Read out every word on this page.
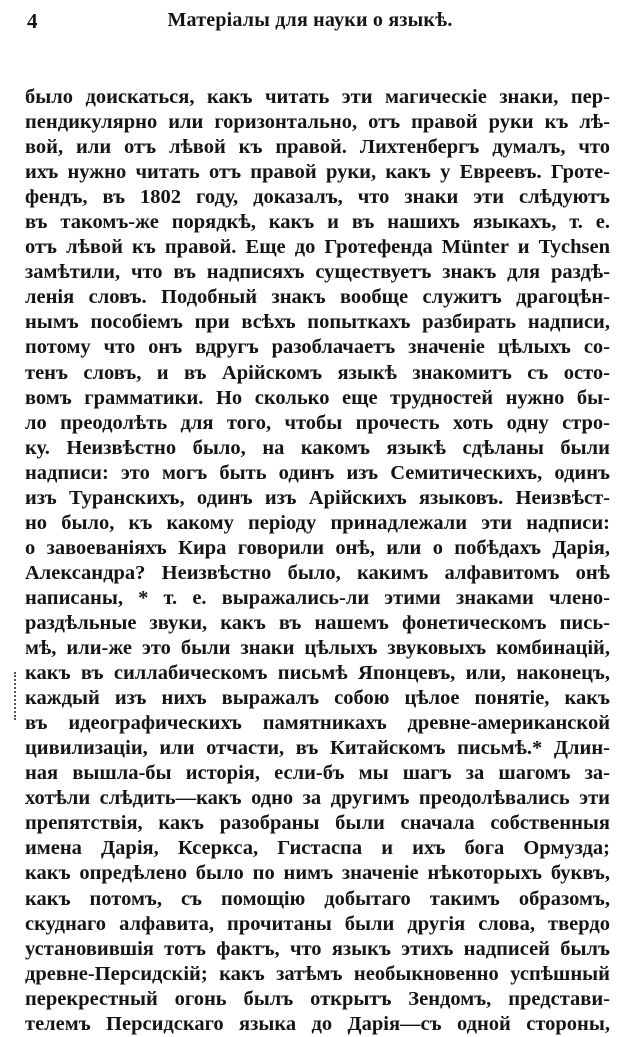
4	Матеріалы для науки о языкѣ.
было доискаться, какъ читать эти магическіе знаки, пер-
пендикулярно или горизонтально, отъ правой руки къ лѣ-
вой, или отъ лѣвой къ правой. Лихтенбергъ думалъ, что
ихъ нужно читать отъ правой руки, какъ у Евреевъ. Гроте-
фендъ, въ 1802 году, доказалъ, что знаки эти слѣдуютъ
въ такомъ-же порядкѣ, какъ и въ нашихъ языкахъ, т. е.
отъ лѣвой къ правой. Еще до Гротефенда Münter и Tychsen
замѣтили, что въ надписяхъ существуетъ знакъ для раздѣ-
ленія словъ. Подобный знакъ вообще служитъ драгоцѣн-
нымъ пособіемъ при всѣхъ попыткахъ разбирать надписи,
потому что онъ вдругъ разоблачаетъ значеніе цѣлыхъ со-
тенъ словъ, и въ Арійскомъ языкѣ знакомитъ съ осто-
вомъ грамматики. Но сколько еще трудностей нужно бы-
ло преодолѣть для того, чтобы прочесть хоть одну стро-
ку. Неизвѣстно было, на какомъ языкѣ сдѣланы были
надписи: это могъ быть одинъ изъ Семитическихъ, одинъ
изъ Туранскихъ, одинъ изъ Арійскихъ языковъ. Неизвѣст-
но было, къ какому періоду принадлежали эти надписи:
о завоеваніяхъ Кира говорили онѣ, или о побѣдахъ Дарія,
Александра? Неизвѣстно было, какимъ алфавитомъ онѣ
написаны, * т. е. выражались-ли этими знаками члено-
раздѣльные звуки, какъ въ нашемъ фонетическомъ пись-
мѣ, или-же это были знаки цѣлыхъ звуковыхъ комбинацій,
какъ въ силлабическомъ письмѣ Японцевъ, или, наконецъ,
каждый изъ нихъ выражалъ собою цѣлое понятіе, какъ
въ идеографическихъ памятникахъ древне-американской
цивилизаціи, или отчасти, въ Китайскомъ письмѣ.* Длин-
ная вышла-бы исторія, если-бъ мы шагъ за шагомъ за-
хотѣли слѣдить—какъ одно за другимъ преодолѣвались эти
препятствія, какъ разобраны были сначала собственныя
имена Дарія, Ксеркса, Гистаспа и ихъ бога Ормузда;
какъ опредѣлено было по нимъ значеніе нѣкоторыхъ буквъ,
какъ потомъ, съ помощію добытаго такимъ образомъ,
скуднаго алфавита, прочитаны были другія слова, твердо
установившія тотъ фактъ, что языкъ этихъ надписей былъ
древне-Персидскій; какъ затѣмъ необыкновенно успѣшный
перекрестный огонь былъ открытъ Зендомъ, представи-
телемъ Персидскаго языка до Дарія—съ одной стороны,
